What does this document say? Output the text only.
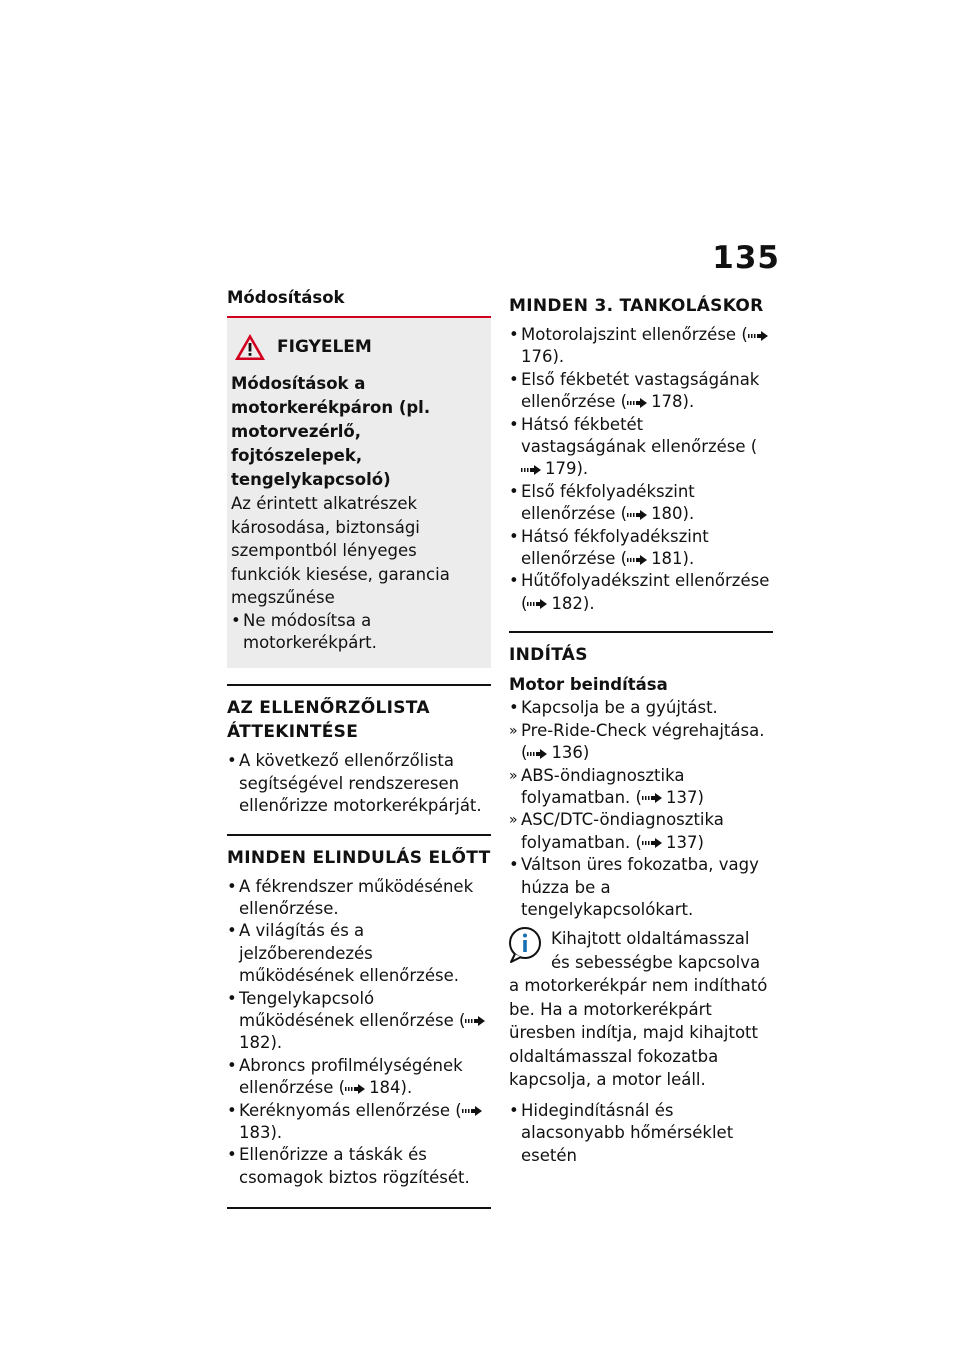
135
Módosítások
FIGYELEM
Módosítások a motorkerékpáron (pl. motorvezérlő, fojtószelepek, tengelykapcsoló)
Az érintett alkatrészek károsodása, biztonsági szempontból lényeges funkciók kiesése, garancia megszűnése
• Ne módosítsa a motorkerékpárt.
AZ ELLENŐRZŐLISTA ÁTTEKINTÉSE
• A következő ellenőrzőlista segítségével rendszeresen ellenőrizze motorkerékpárját.
MINDEN ELINDULÁS ELŐTT
• A fékrendszer működésének ellenőrzése.
• A világítás és a jelzőberendezés működésének ellenőrzése.
• Tengelykapcsoló működésének ellenőrzése (182).
• Abroncs profilmélységének ellenőrzése ( 184).
• Keréknyomás ellenőrzése (183).
• Ellenőrizze a táskák és csomagok biztos rögzítését.
MINDEN 3. TANKOLÁSKOR
• Motorolajszint ellenőrzése (176).
• Első fékbetét vastagságának ellenőrzése ( 178).
• Hátsó fékbetét vastagságának ellenőrzése (179).
• Első fékfolyadékszint ellenőrzése ( 180).
• Hátsó fékfolyadékszint ellenőrzése ( 181).
• Hűtőfolyadékszint ellenőrzése ( 182).
INDÍTÁS
Motor beindítása
• Kapcsolja be a gyújtást.
» Pre-Ride-Check végrehajtása. ( 136)
» ABS-öndiagnosztika folyamatban. ( 137)
» ASC/DTC-öndiagnosztika folyamatban. ( 137)
• Váltson üres fokozatba, vagy húzza be a tengelykapcsolókart.
Kihajtott oldaltámasszal és sebességbe kapcsolva a motorkerékpár nem indítható be. Ha a motorkerékpárt üresben indítja, majd kihajtott oldaltámasszal fokozatba kapcsolja, a motor leáll.
• Hidegindításnál és alacsonyabb hőmérséklet esetén
